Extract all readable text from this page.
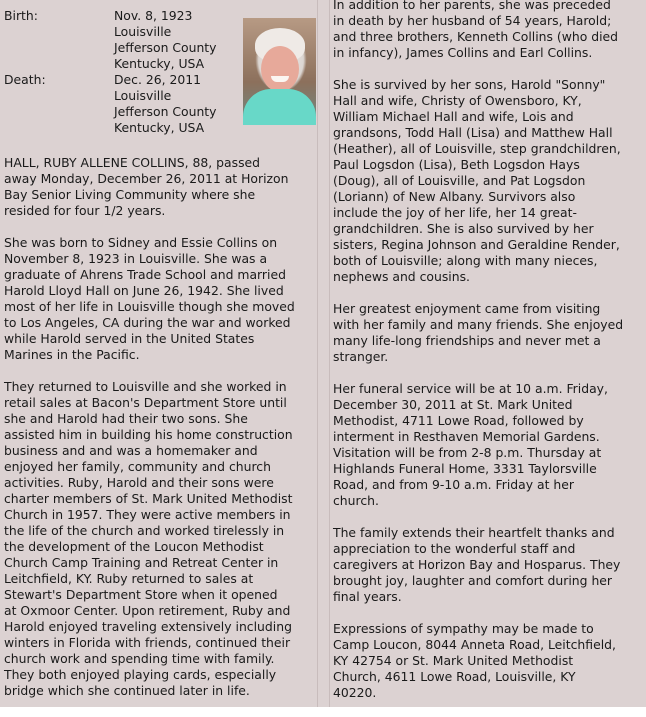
Birth:	Nov. 8, 1923
Louisville
Jefferson County
Kentucky, USA

Death:	Dec. 26, 2011
Louisville
Jefferson County
Kentucky, USA

HALL, RUBY ALLENE COLLINS, 88, passed
away Monday, December 26, 2011 at Horizon
Bay Senior Living Community where she
resided for four 1/2 years.

She was born to Sidney and Essie Collins on
November 8, 1923 in Louisville. She was a
graduate of Ahrens Trade School and married
Harold Lloyd Hall on June 26, 1942. She lived
most of her life in Louisville though she moved
to Los Angeles, CA during the war and worked
while Harold served in the United States
Marines in the Pacific.

They returned to Louisville and she worked in
retail sales at Bacon's Department Store until
she and Harold had their two sons. She
assisted him in building his home construction
business and and was a homemaker and
enjoyed her family, community and church
activities. Ruby, Harold and their sons were
charter members of St. Mark United Methodist
Church in 1957. They were active members in
the life of the church and worked tirelessly in
the development of the Loucon Methodist
Church Camp Training and Retreat Center in
Leitchfield, KY. Ruby returned to sales at
Stewart's Department Store when it opened
at Oxmoor Center. Upon retirement, Ruby and
Harold enjoyed traveling extensively including
winters in Florida with friends, continued their
church work and spending time with family.
They both enjoyed playing cards, especially
bridge which she continued later in life.

In addition to her parents, she was preceded
in death by her husband of 54 years, Harold;
and three brothers, Kenneth Collins (who died
in infancy), James Collins and Earl Collins.

She is survived by her sons, Harold "Sonny"
Hall and wife, Christy of Owensboro, KY,
William Michael Hall and wife, Lois and
grandsons, Todd Hall (Lisa) and Matthew Hall
(Heather), all of Louisville, step grandchildren,
Paul Logsdon (Lisa), Beth Logsdon Hays
(Doug), all of Louisville, and Pat Logsdon
(Loriann) of New Albany. Survivors also
include the joy of her life, her 14 great-
grandchildren. She is also survived by her
sisters, Regina Johnson and Geraldine Render,
both of Louisville; along with many nieces,
nephews and cousins.

Her greatest enjoyment came from visiting
with her family and many friends. She enjoyed
many life-long friendships and never met a
stranger.

Her funeral service will be at 10 a.m. Friday,
December 30, 2011 at St. Mark United
Methodist, 4711 Lowe Road, followed by
interment in Resthaven Memorial Gardens.
Visitation will be from 2-8 p.m. Thursday at
Highlands Funeral Home, 3331 Taylorsville
Road, and from 9-10 a.m. Friday at her
church.

The family extends their heartfelt thanks and
appreciation to the wonderful staff and
caregivers at Horizon Bay and Hosparus. They
brought joy, laughter and comfort during her
final years.

Expressions of sympathy may be made to
Camp Loucon, 8044 Anneta Road, Leitchfield,
KY 42754 or St. Mark United Methodist
Church, 4611 Lowe Road, Louisville, KY
40220.
